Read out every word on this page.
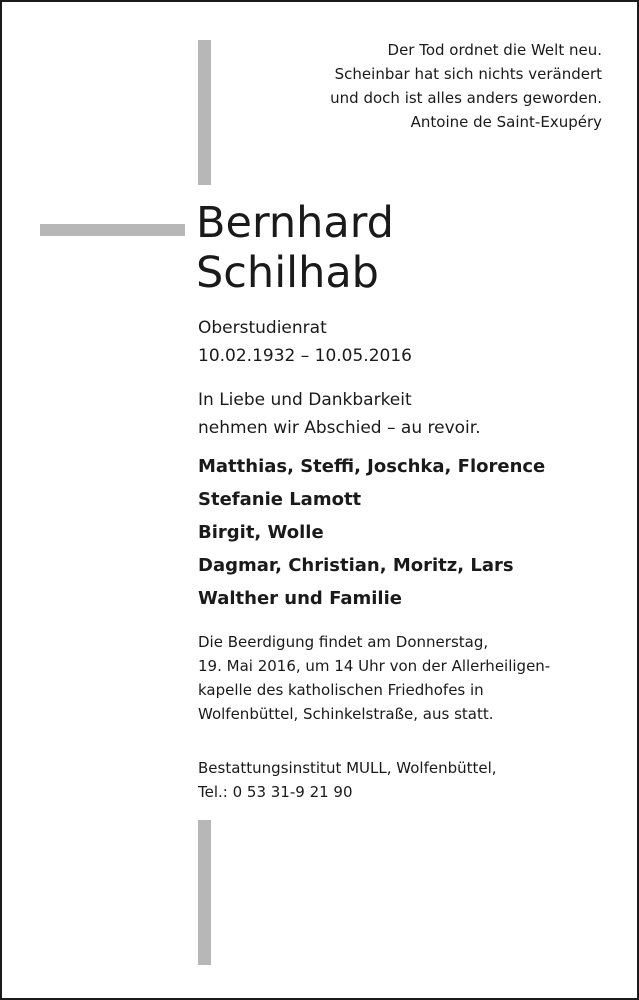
Der Tod ordnet die Welt neu.
Scheinbar hat sich nichts verändert
und doch ist alles anders geworden.
Antoine de Saint-Exupéry
Bernhard
Schilhab
Oberstudienrat
10.02.1932 – 10.05.2016
In Liebe und Dankbarkeit
nehmen wir Abschied – au revoir.
Matthias, Steffi, Joschka, Florence
Stefanie Lamott
Birgit, Wolle
Dagmar, Christian, Moritz, Lars
Walther und Familie
Die Beerdigung findet am Donnerstag,
19. Mai 2016, um 14 Uhr von der Allerheiligen-
kapelle des katholischen Friedhofes in
Wolfenbüttel, Schinkelstraße, aus statt.
Bestattungsinstitut MULL, Wolfenbüttel,
Tel.: 0 53 31-9 21 90
